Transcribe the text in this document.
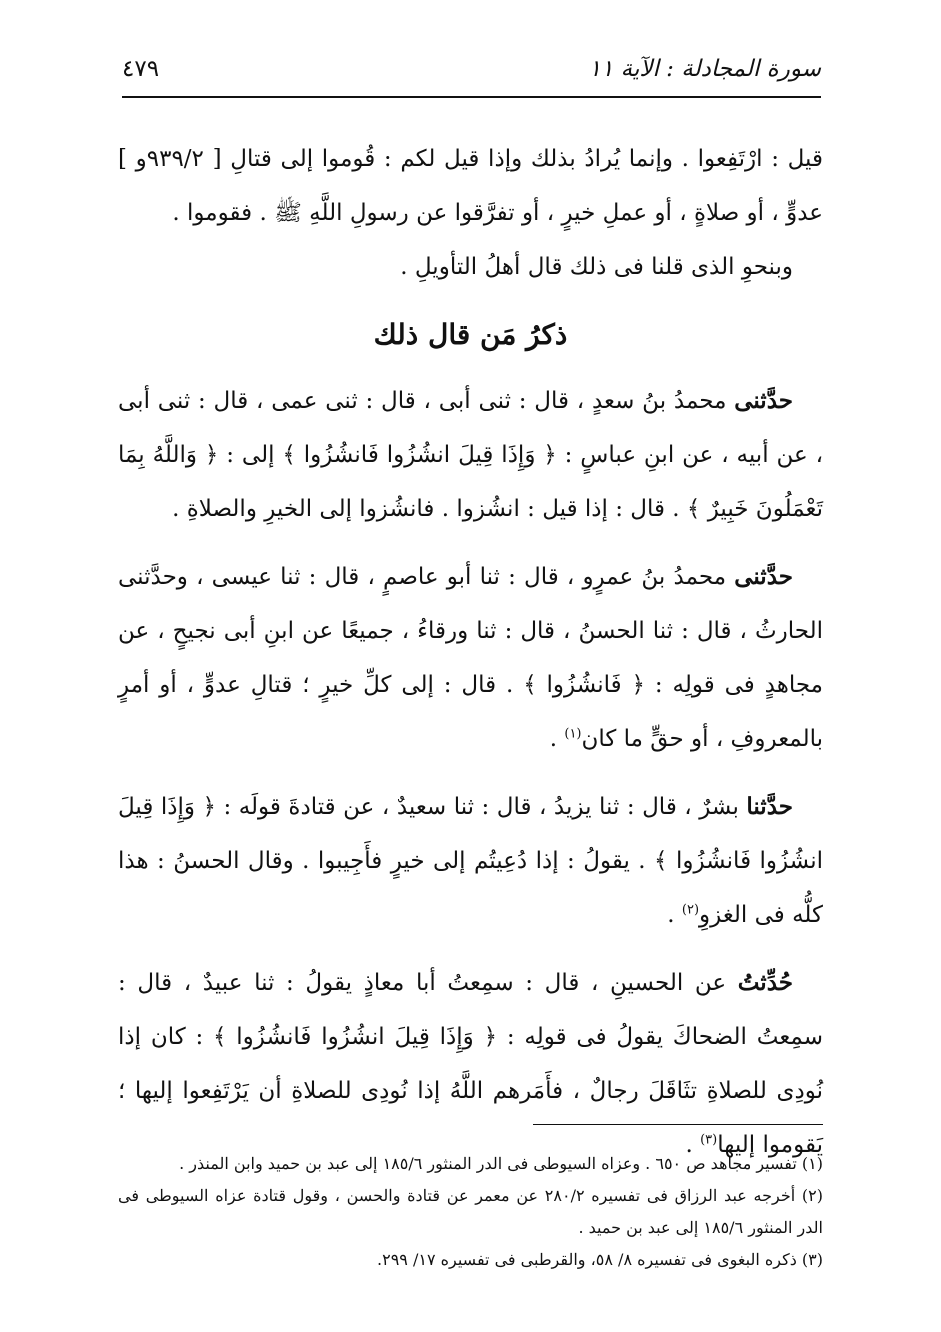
سورة المجادلة : الآية ١١
٤٧٩

قيل : ارْتَفِعوا . وإنما يُرادُ بذلك وإذا قيل لكم : قُوموا إلى قتالِ [ ٩٣٩/٢و ] عدوٍّ ، أو صلاةٍ ، أو عملِ خيرٍ ، أو تفرَّقوا عن رسولِ اللَّهِ ﷺ . فقوموا .

وبنحوِ الذى قلنا فى ذلك قال أهلُ التأويلِ .

ذكرُ مَن قال ذلك

حدَّثنى محمدُ بنُ سعدٍ ، قال : ثنى أبى ، قال : ثنى عمى ، قال : ثنى أبى ، عن أبيه ، عن ابنِ عباسٍ : ﴿ وَإِذَا قِيلَ انشُزُوا فَانشُزُوا ﴾ إلى : ﴿ وَاللَّهُ بِمَا تَعْمَلُونَ خَبِيرٌ ﴾ . قال : إذا قيل : انشُزوا . فانشُزوا إلى الخيرِ والصلاةِ .

حدَّثنى محمدُ بنُ عمرٍو ، قال : ثنا أبو عاصمٍ ، قال : ثنا عيسى ، وحدَّثنى الحارثُ ، قال : ثنا الحسنُ ، قال : ثنا ورقاءُ ، جميعًا عن ابنِ أبى نجيحٍ ، عن مجاهدٍ فى قولِه : ﴿ فَانشُزُوا ﴾ . قال : إلى كلِّ خيرٍ ؛ قتالِ عدوٍّ ، أو أمرٍ بالمعروفِ ، أو حقٍّ ما كان$^{(١)}$ .

حدَّثنا بشرٌ ، قال : ثنا يزيدُ ، قال : ثنا سعيدٌ ، عن قتادةَ قولَه : ﴿ وَإِذَا قِيلَ انشُزُوا فَانشُزُوا ﴾ . يقولُ : إذا دُعِيتُم إلى خيرٍ فأَجِيبوا . وقال الحسنُ : هذا كلُّه فى الغزوِ$^{(٢)}$ .

حُدِّثتُ عن الحسينِ ، قال : سمِعتُ أبا معاذٍ يقولُ : ثنا عبيدٌ ، قال : سمِعتُ الضحاكَ يقولُ فى قولِه : ﴿ وَإِذَا قِيلَ انشُزُوا فَانشُزُوا ﴾ : كان إذا نُودِى للصلاةِ تثَاقَلَ رجالٌ ، فأَمَرهم اللَّهُ إذا نُودِى للصلاةِ أن يَرْتَفِعوا إليها ؛ يَقوموا إليها$^{(٣)}$ .

(١) تفسير مجاهد ص ٦٥٠ . وعزاه السيوطى فى الدر المنثور ١٨٥/٦ إلى عبد بن حميد وابن المنذر .

(٢) أخرجه عبد الرزاق فى تفسيره ٢٨٠/٢ عن معمر عن قتادة والحسن ، وقول قتادة عزاه السيوطى فى الدر المنثور ١٨٥/٦ إلى عبد بن حميد .

(٣) ذكره البغوى فى تفسيره ٨/ ٥٨، والقرطبى فى تفسيره ١٧/ ٢٩٩.
